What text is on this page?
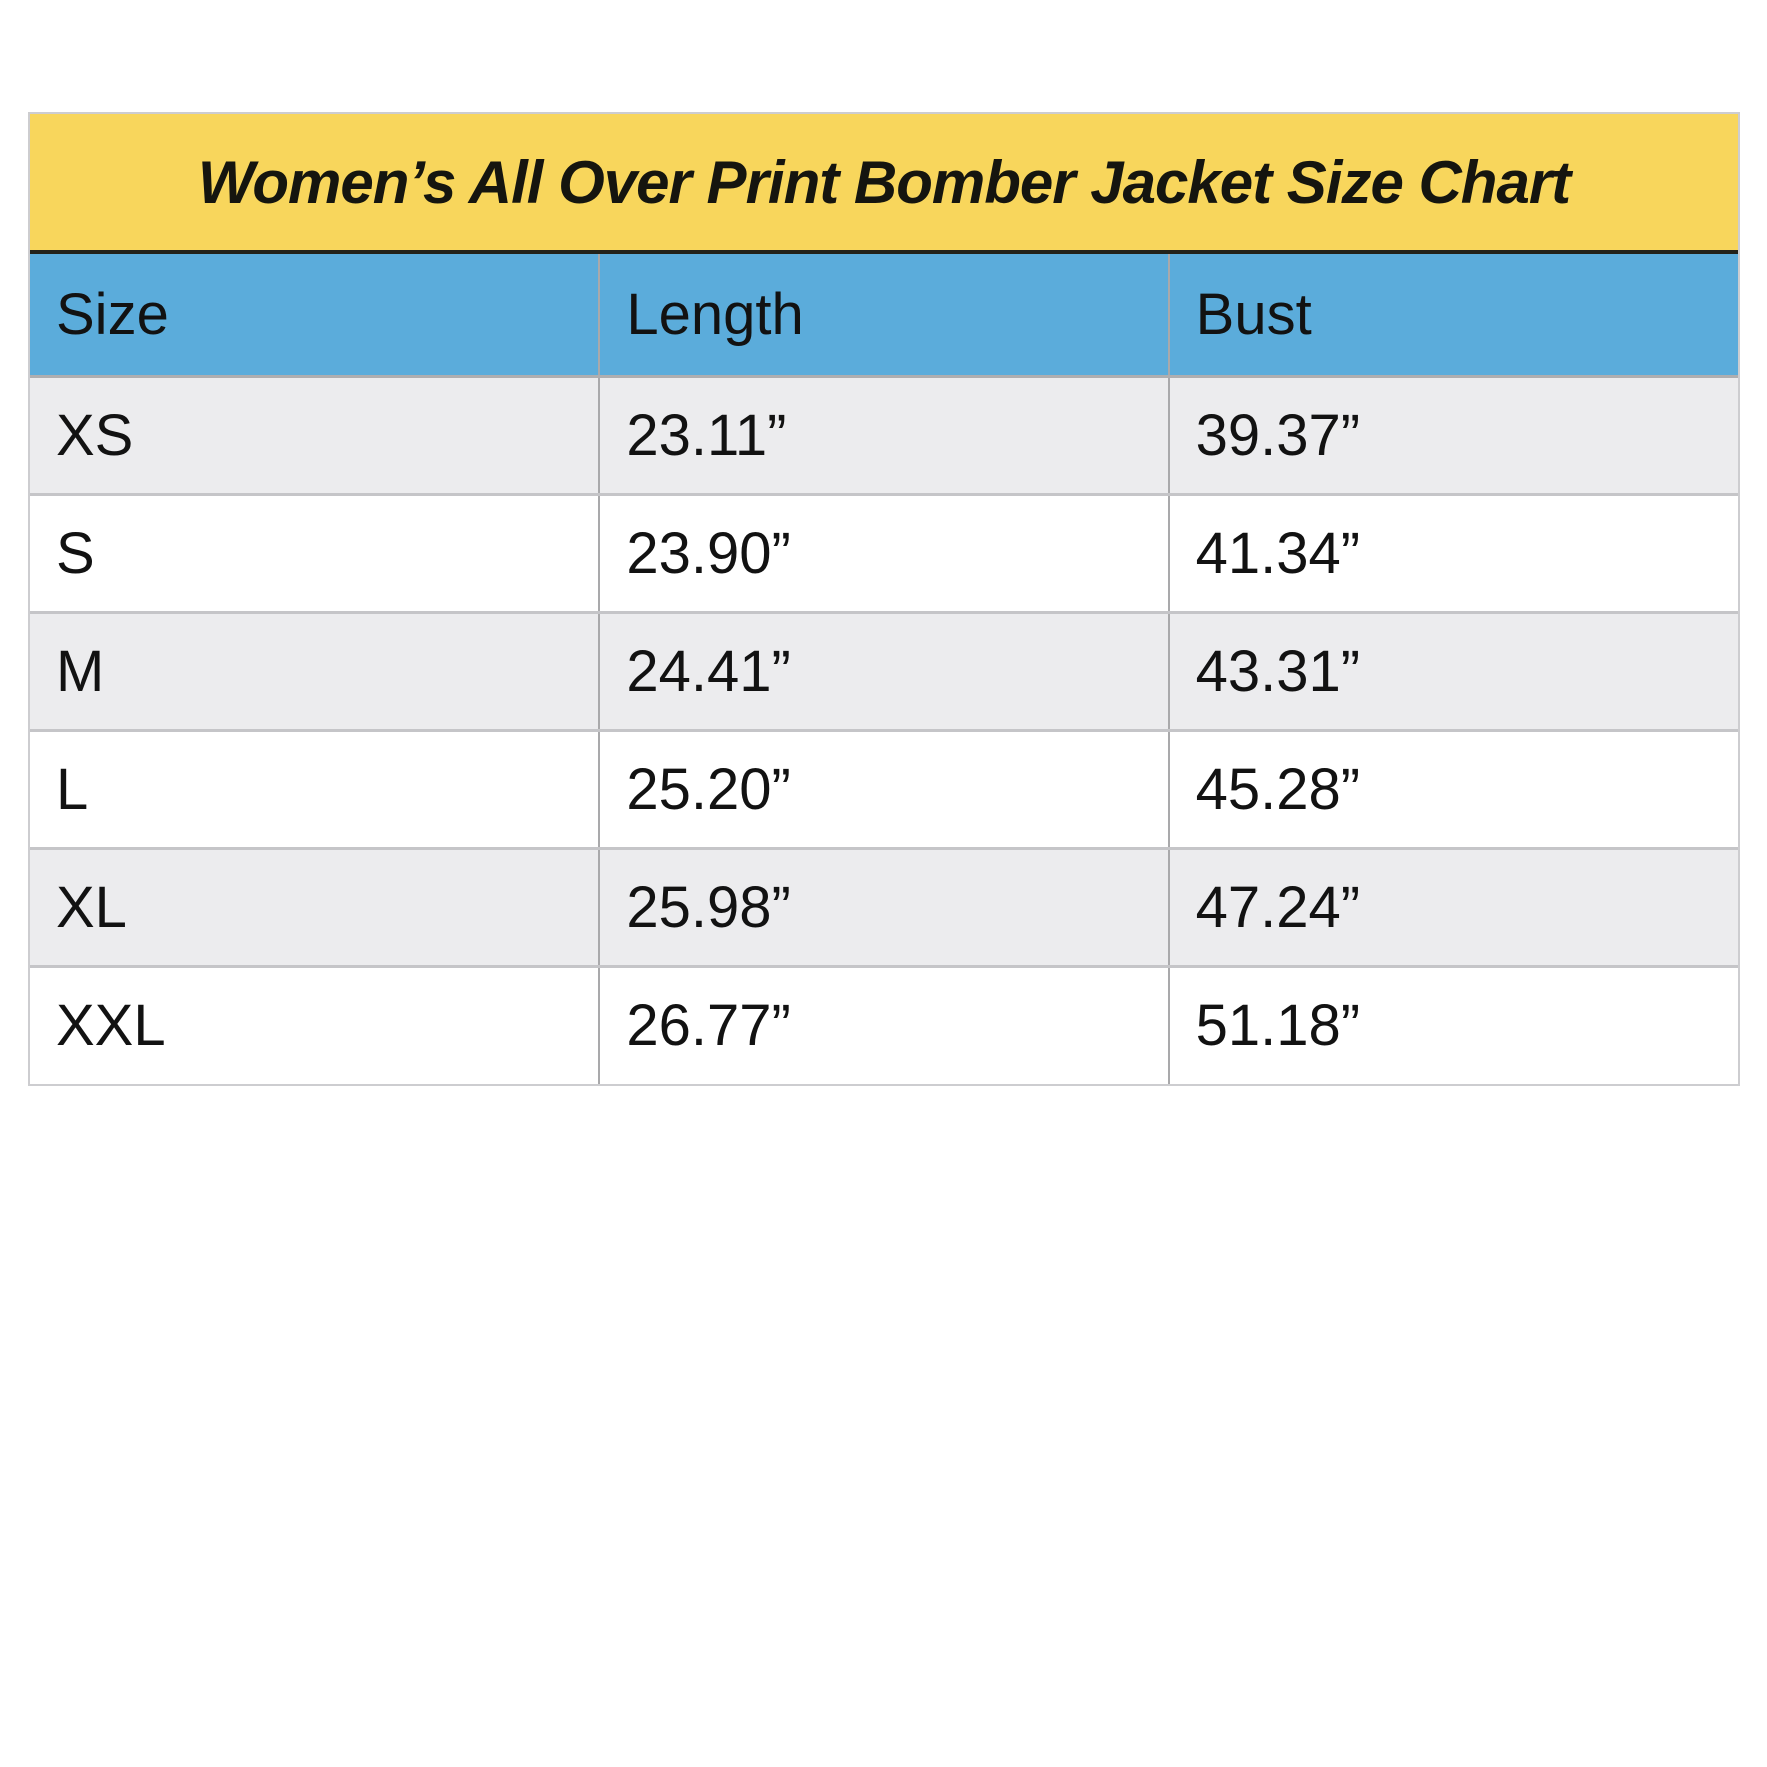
Women’s All Over Print Bomber Jacket Size Chart
Size	Length	Bust
XS	23.11”	39.37”
S	23.90”	41.34”
M	24.41”	43.31”
L	25.20”	45.28”
XL	25.98”	47.24”
XXL	26.77”	51.18”
